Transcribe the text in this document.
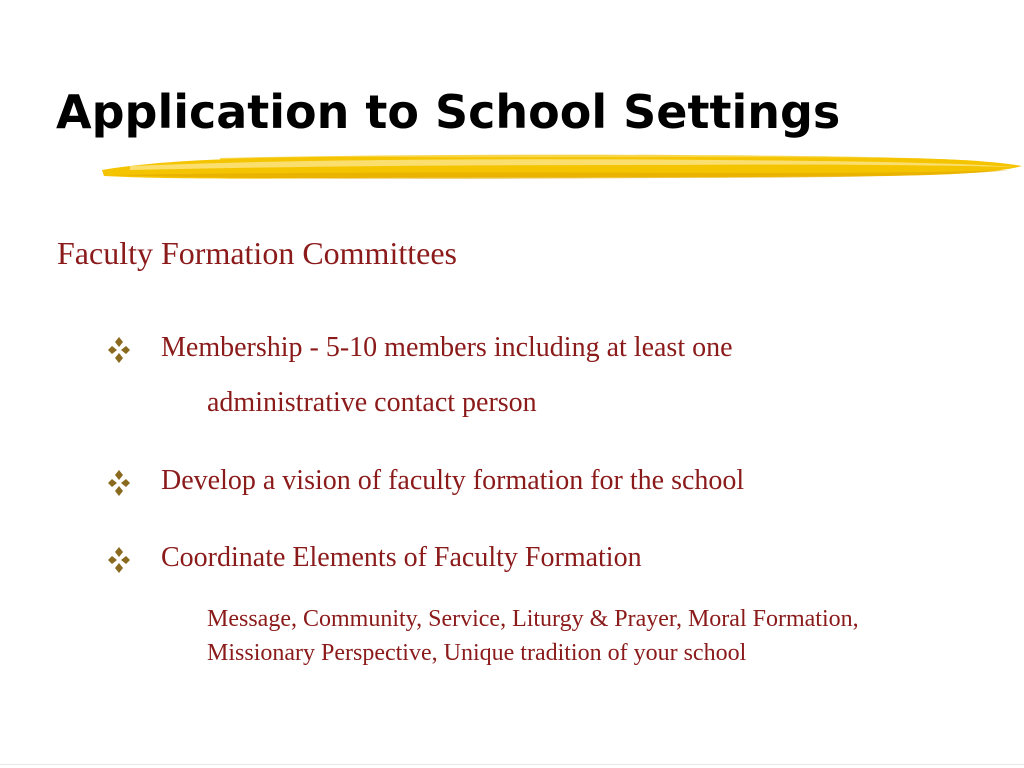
Application to School Settings
Faculty Formation Committees
Membership - 5-10 members including at least one
administrative contact person
Develop a vision of faculty formation for the school
Coordinate Elements of Faculty Formation
Message, Community, Service, Liturgy & Prayer, Moral Formation, Missionary Perspective, Unique tradition of your school
